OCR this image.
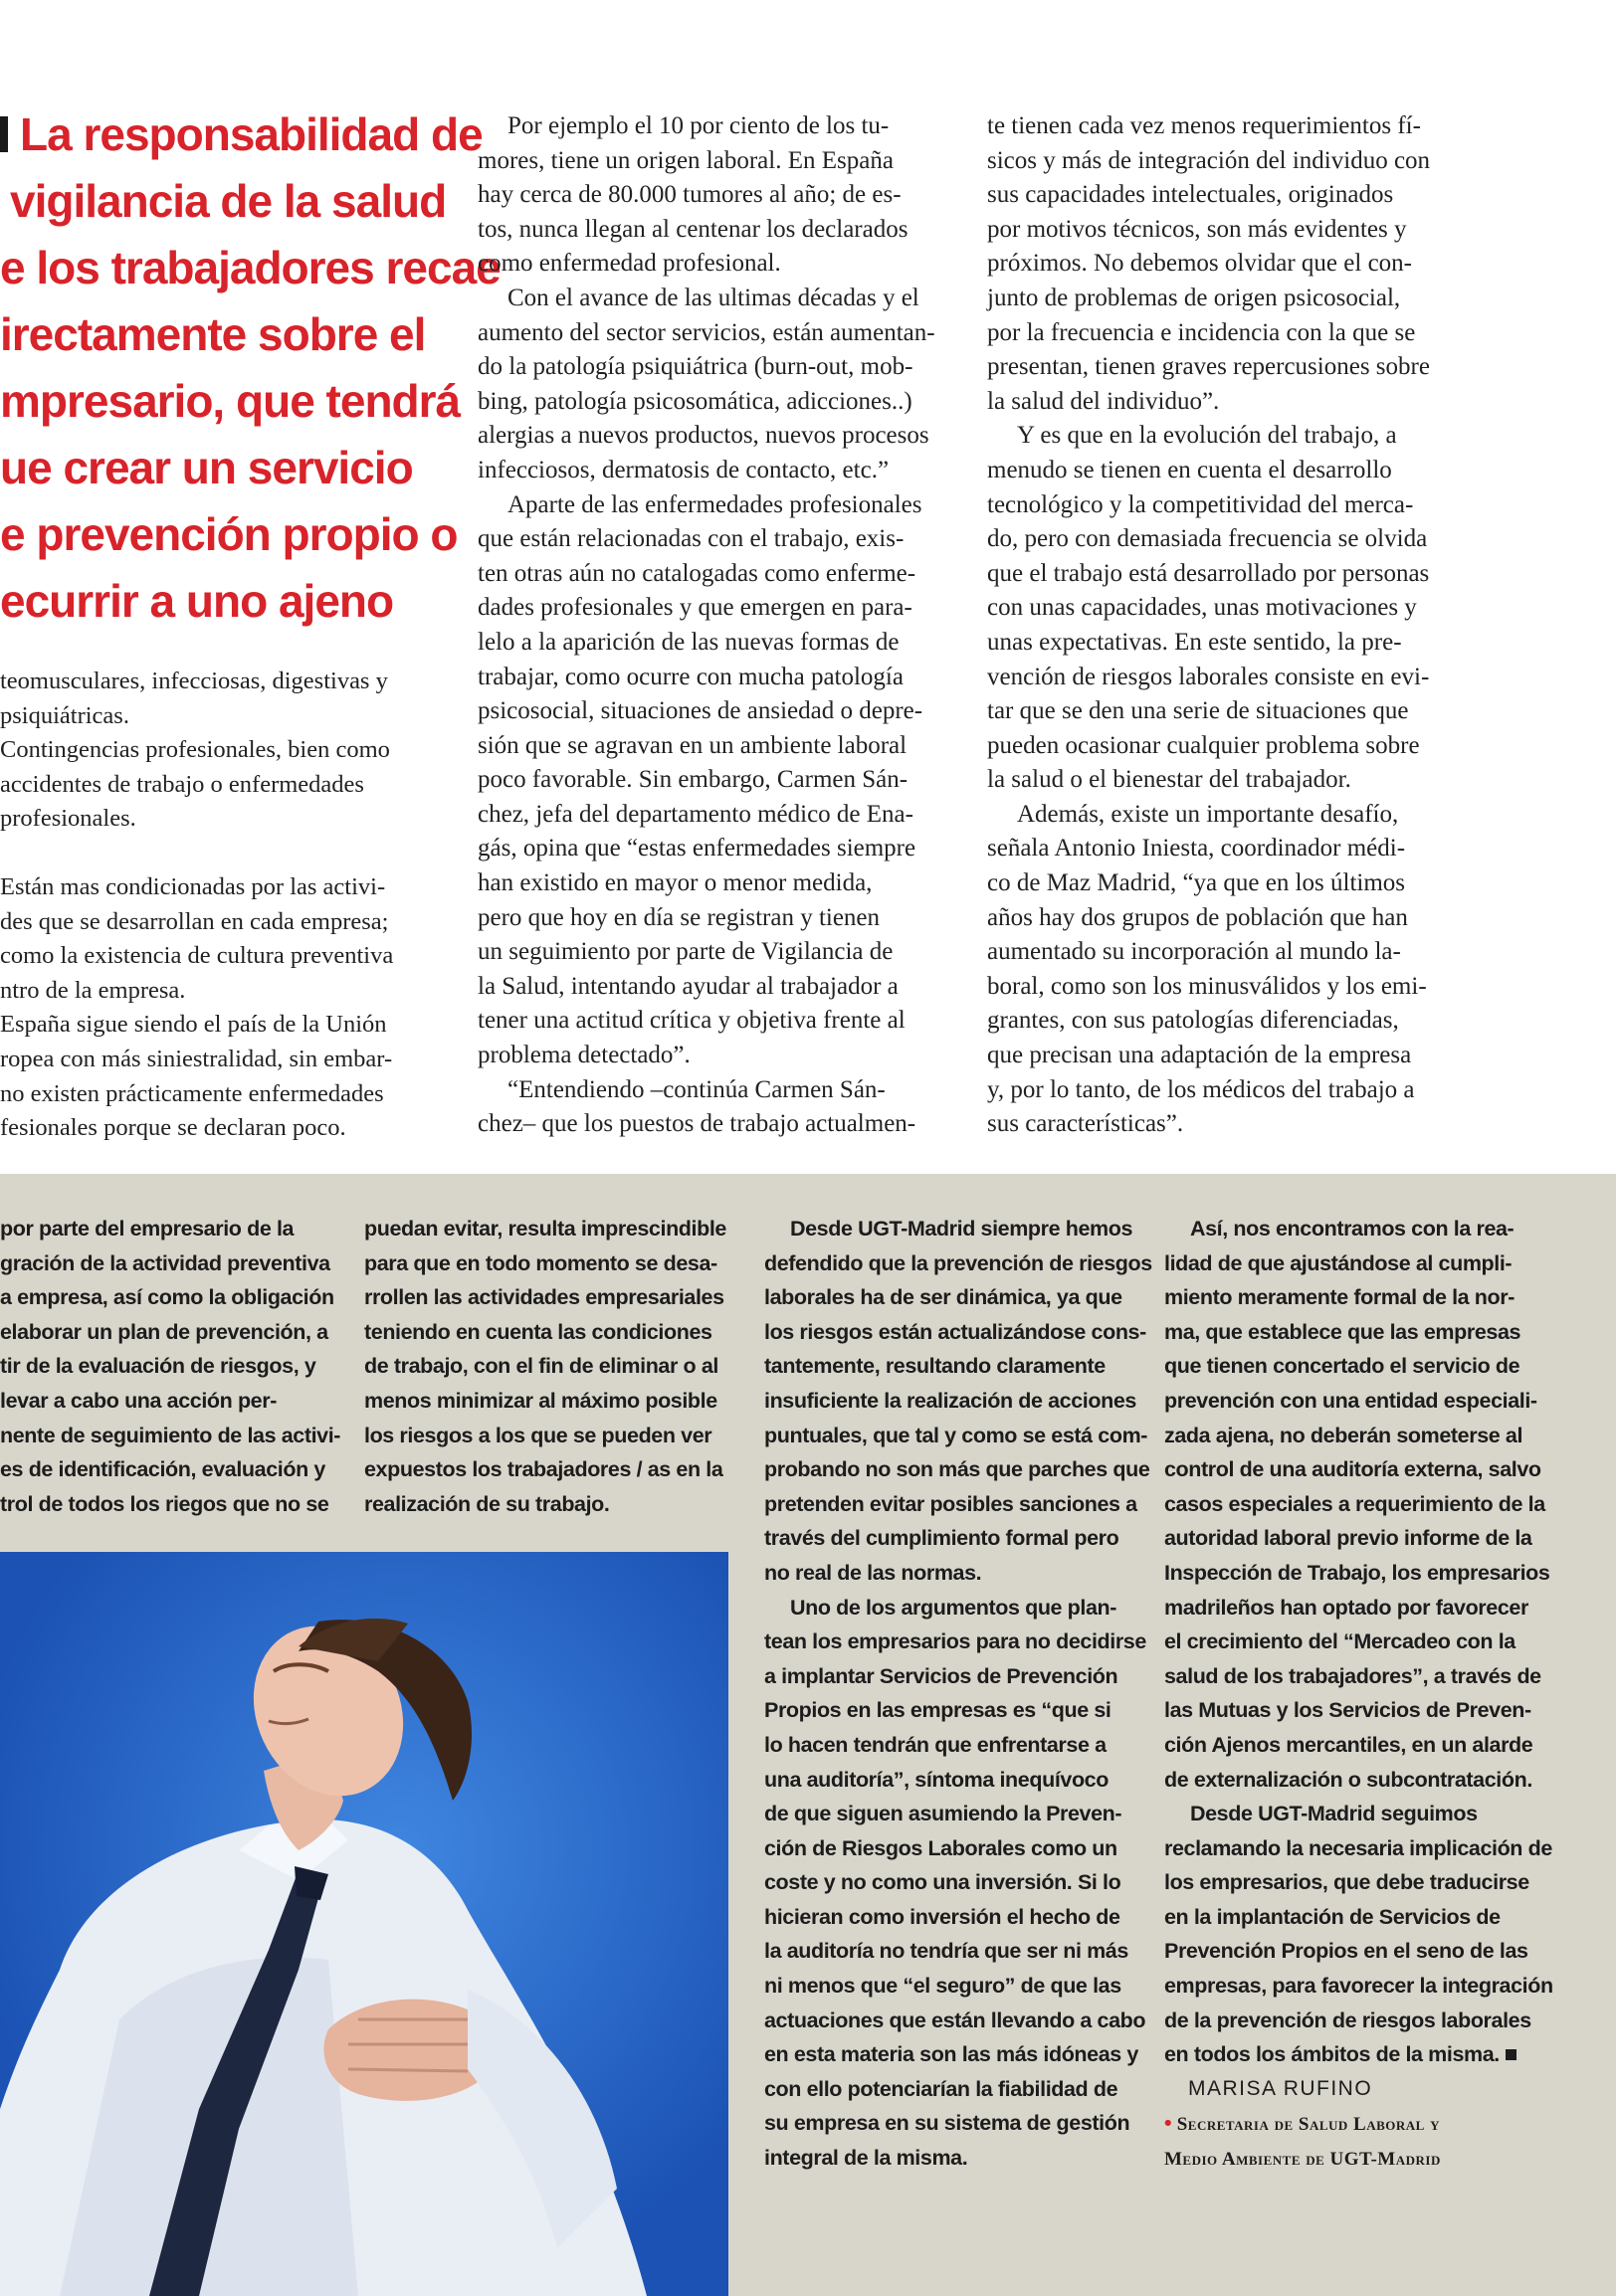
La responsabilidad de
vigilancia de la salud
e los trabajadores recae
irectamente sobre el
mpresario, que tendrá
ue crear un servicio
e prevención propio o
ecurrir a uno ajeno
teomusculares, infecciosas, digestivas y
psiquiátricas.
Contingencias profesionales, bien como
accidentes de trabajo o enfermedades
profesionales.
Están mas condicionadas por las activi-
des que se desarrollan en cada empresa;
como la existencia de cultura preventiva
ntro de la empresa.
España sigue siendo el país de la Unión
ropea con más siniestralidad, sin embar-
no existen prácticamente enfermedades
fesionales porque se declaran poco.
Por ejemplo el 10 por ciento de los tu-
mores, tiene un origen laboral. En España
hay cerca de 80.000 tumores al año; de es-
tos, nunca llegan al centenar los declarados
como enfermedad profesional.
Con el avance de las ultimas décadas y el
aumento del sector servicios, están aumentan-
do la patología psiquiátrica (burn-out, mob-
bing, patología psicosomática, adicciones..)
alergias a nuevos productos, nuevos procesos
infecciosos, dermatosis de contacto, etc.”
Aparte de las enfermedades profesionales
que están relacionadas con el trabajo, exis-
ten otras aún no catalogadas como enferme-
dades profesionales y que emergen en para-
lelo a la aparición de las nuevas formas de
trabajar, como ocurre con mucha patología
psicosocial, situaciones de ansiedad o depre-
sión que se agravan en un ambiente laboral
poco favorable. Sin embargo, Carmen Sán-
chez, jefa del departamento médico de Ena-
gás, opina que “estas enfermedades siempre
han existido en mayor o menor medida,
pero que hoy en día se registran y tienen
un seguimiento por parte de Vigilancia de
la Salud, intentando ayudar al trabajador a
tener una actitud crítica y objetiva frente al
problema detectado”.
“Entendiendo –continúa Carmen Sán-
chez– que los puestos de trabajo actualmen-
te tienen cada vez menos requerimientos fí-
sicos y más de integración del individuo con
sus capacidades intelectuales, originados
por motivos técnicos, son más evidentes y
próximos. No debemos olvidar que el con-
junto de problemas de origen psicosocial,
por la frecuencia e incidencia con la que se
presentan, tienen graves repercusiones sobre
la salud del individuo”.
Y es que en la evolución del trabajo, a
menudo se tienen en cuenta el desarrollo
tecnológico y la competitividad del merca-
do, pero con demasiada frecuencia se olvida
que el trabajo está desarrollado por personas
con unas capacidades, unas motivaciones y
unas expectativas. En este sentido, la pre-
vención de riesgos laborales consiste en evi-
tar que se den una serie de situaciones que
pueden ocasionar cualquier problema sobre
la salud o el bienestar del trabajador.
Además, existe un importante desafío,
señala Antonio Iniesta, coordinador médi-
co de Maz Madrid, “ya que en los últimos
años hay dos grupos de población que han
aumentado su incorporación al mundo la-
boral, como son los minusválidos y los emi-
grantes, con sus patologías diferenciadas,
que precisan una adaptación de la empresa
y, por lo tanto, de los médicos del trabajo a
sus características”.
por parte del empresario de la
gración de la actividad preventiva
a empresa, así como la obligación
elaborar un plan de prevención, a
tir de la evaluación de riesgos, y
levar a cabo una acción per-
nente de seguimiento de las activi-
es de identificación, evaluación y
trol de todos los riegos que no se
puedan evitar, resulta imprescindible
para que en todo momento se desa-
rrollen las actividades empresariales
teniendo en cuenta las condiciones
de trabajo, con el fin de eliminar o al
menos minimizar al máximo posible
los riesgos a los que se pueden ver
expuestos los trabajadores / as en la
realización de su trabajo.
Desde UGT-Madrid siempre hemos
defendido que la prevención de riesgos
laborales ha de ser dinámica, ya que
los riesgos están actualizándose cons-
tantemente, resultando claramente
insuficiente la realización de acciones
puntuales, que tal y como se está com-
probando no son más que parches que
pretenden evitar posibles sanciones a
través del cumplimiento formal pero
no real de las normas.
Uno de los argumentos que plan-
tean los empresarios para no decidirse
a implantar Servicios de Prevención
Propios en las empresas es “que si
lo hacen tendrán que enfrentarse a
una auditoría”, síntoma inequívoco
de que siguen asumiendo la Preven-
ción de Riesgos Laborales como un
coste y no como una inversión. Si lo
hicieran como inversión el hecho de
la auditoría no tendría que ser ni más
ni menos que “el seguro” de que las
actuaciones que están llevando a cabo
en esta materia son las más idóneas y
con ello potenciarían la fiabilidad de
su empresa en su sistema de gestión
integral de la misma.
Así, nos encontramos con la rea-
lidad de que ajustándose al cumpli-
miento meramente formal de la nor-
ma, que establece que las empresas
que tienen concertado el servicio de
prevención con una entidad especiali-
zada ajena, no deberán someterse al
control de una auditoría externa, salvo
casos especiales a requerimiento de la
autoridad laboral previo informe de la
Inspección de Trabajo, los empresarios
madrileños han optado por favorecer
el crecimiento del “Mercadeo con la
salud de los trabajadores”, a través de
las Mutuas y los Servicios de Preven-
ción Ajenos mercantiles, en un alarde
de externalización o subcontratación.
Desde UGT-Madrid seguimos
reclamando la necesaria implicación de
los empresarios, que debe traducirse
en la implantación de Servicios de
Prevención Propios en el seno de las
empresas, para favorecer la integración
de la prevención de riesgos laborales
en todos los ámbitos de la misma.
MARISA RUFINO
• Secretaria de Salud Laboral y
Medio Ambiente de UGT-Madrid
